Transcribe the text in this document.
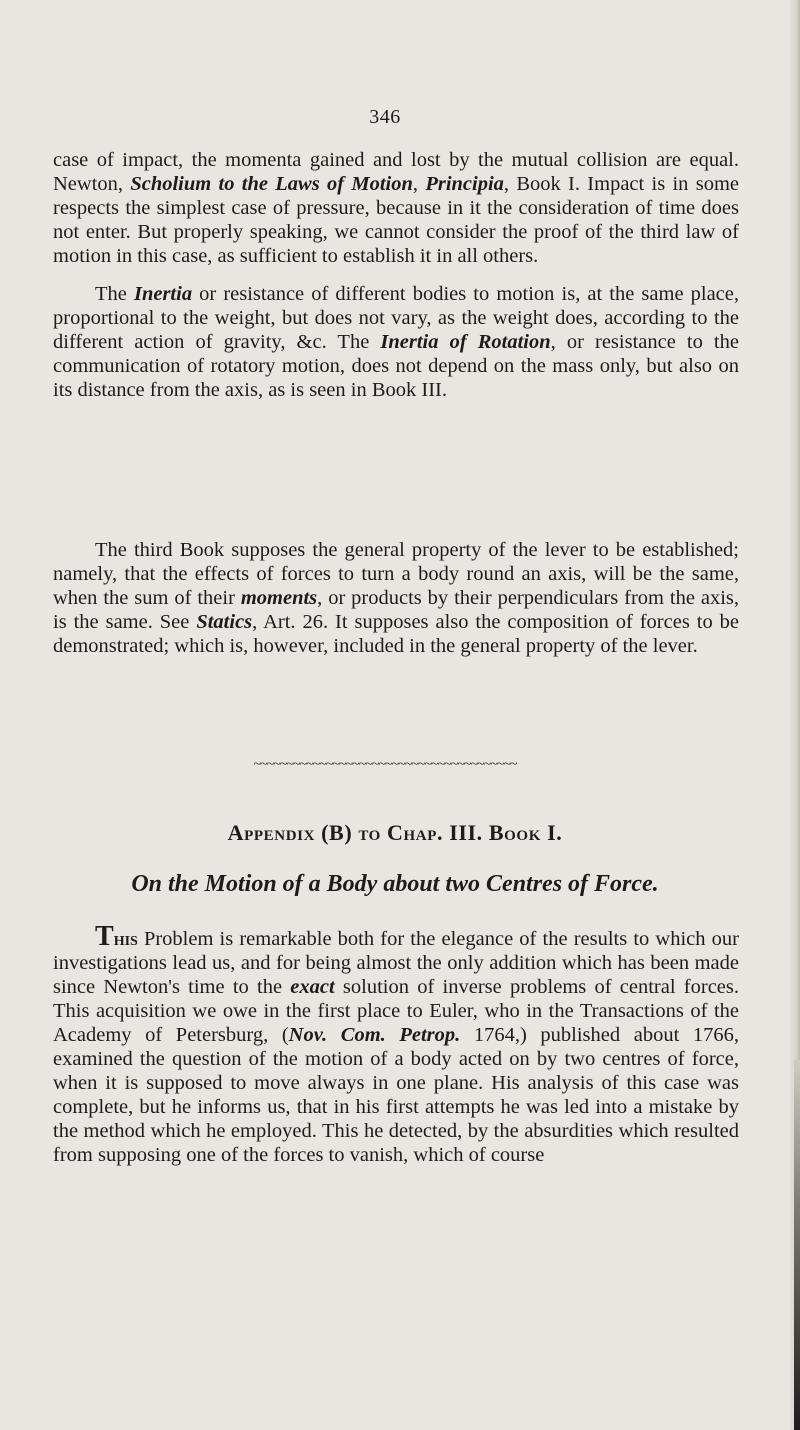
346

case of impact, the momenta gained and lost by the mutual collision are equal. Newton, Scholium to the Laws of Motion, Principia, Book I. Impact is in some respects the simplest case of pressure, because in it the consideration of time does not enter. But properly speaking, we cannot consider the proof of the third law of motion in this case, as sufficient to establish it in all others.

The Inertia or resistance of different bodies to motion is, at the same place, proportional to the weight, but does not vary, as the weight does, according to the different action of gravity, &c. The Inertia of Rotation, or resistance to the communication of rotatory motion, does not depend on the mass only, but also on its distance from the axis, as is seen in Book III.

The third Book supposes the general property of the lever to be established; namely, that the effects of forces to turn a body round an axis, will be the same, when the sum of their moments, or products by their perpendiculars from the axis, is the same. See Statics, Art. 26. It supposes also the composition of forces to be demonstrated; which is, however, included in the general property of the lever.

~~~~~~~~~~~~~~~~~~~~~~~~~~~~~~~~~~~~~~~~
Appendix (B) to Chap. III. Book I.
On the Motion of a Body about two Centres of Force.

This Problem is remarkable both for the elegance of the results to which our investigations lead us, and for being almost the only addition which has been made since Newton's time to the exact solution of inverse problems of central forces. This acquisition we owe in the first place to Euler, who in the Transactions of the Academy of Petersburg, (Nov. Com. Petrop. 1764,) published about 1766, examined the question of the motion of a body acted on by two centres of force, when it is supposed to move always in one plane. His analysis of this case was complete, but he informs us, that in his first attempts he was led into a mistake by the method which he employed. This he detected, by the absurdities which resulted from supposing one of the forces to vanish, which of course
